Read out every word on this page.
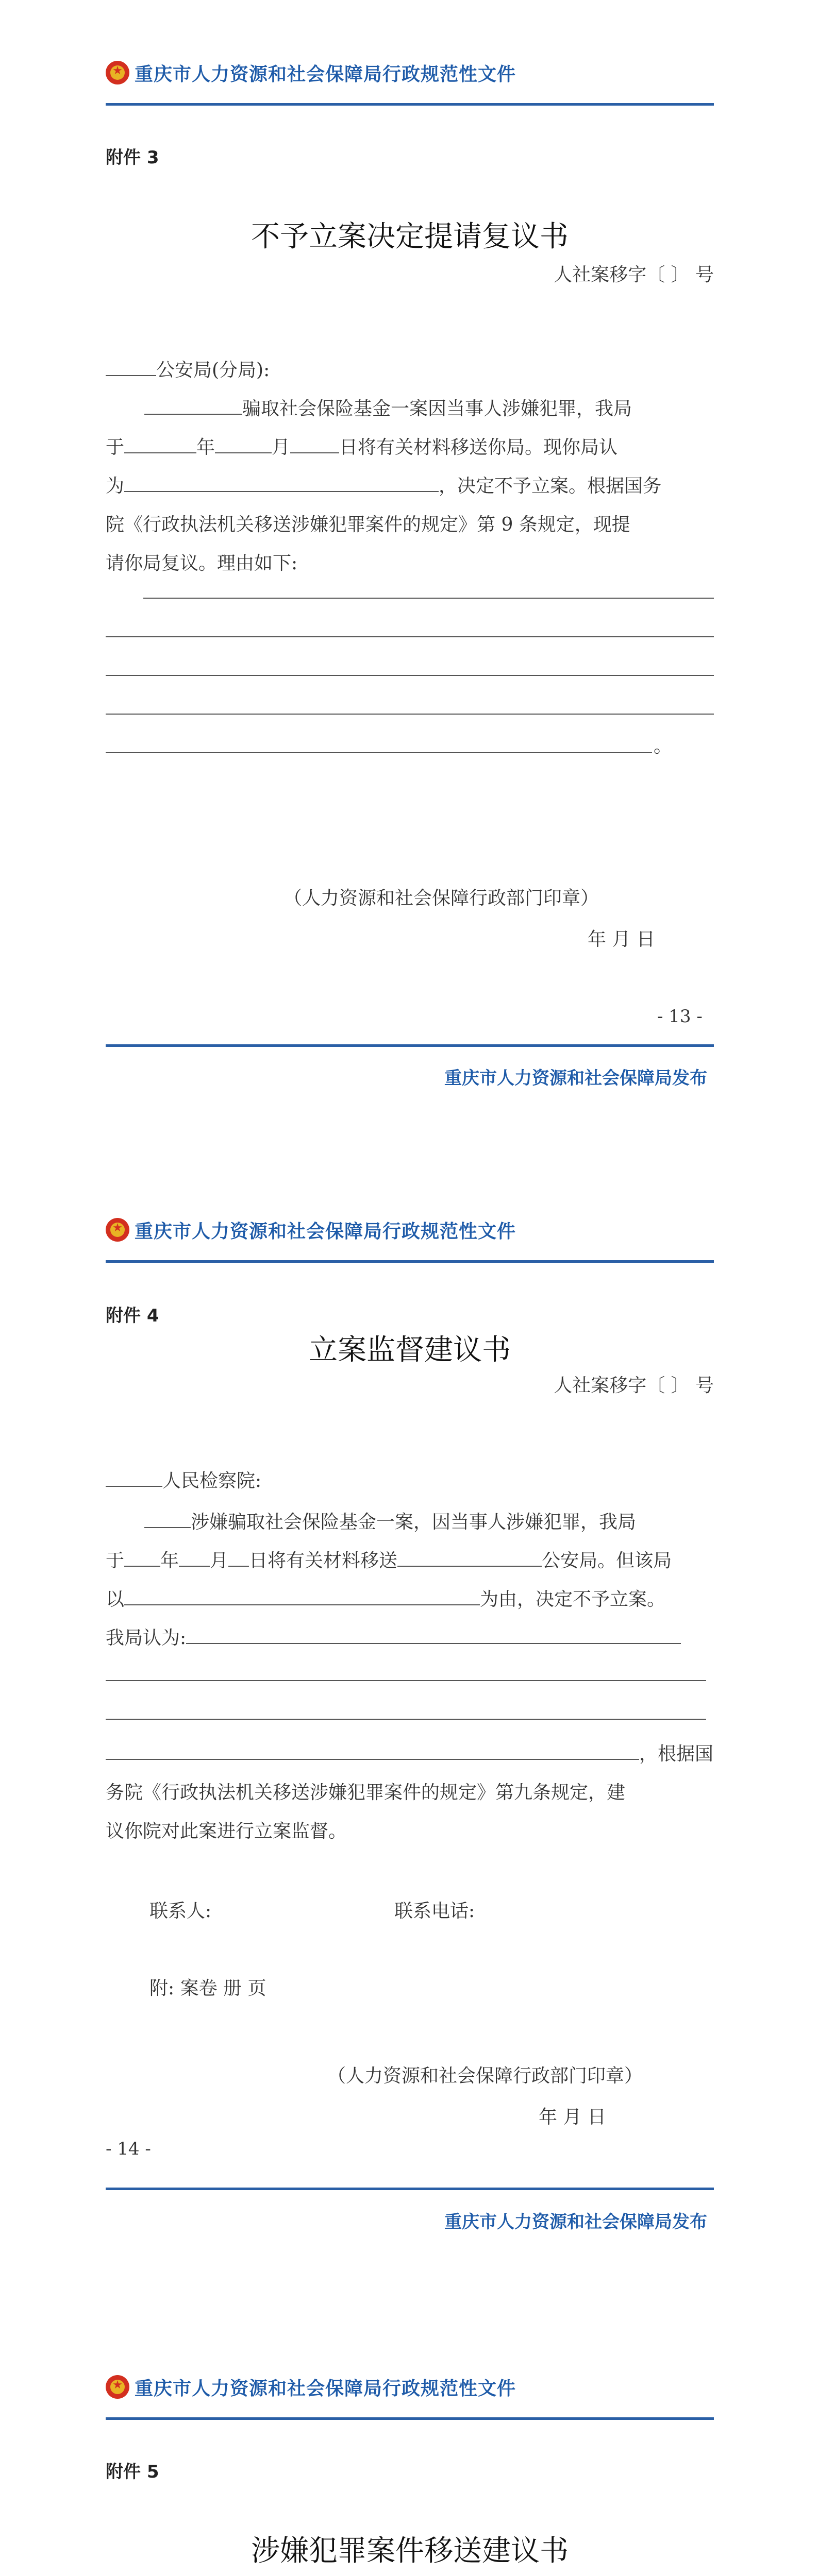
★
重庆市人力资源和社会保障局行政规范性文件
附件 3
不予立案决定提请复议书
人社案移字〔 〕 号
公安局(分局):
骗取社会保险基金一案因当事人涉嫌犯罪，我局
于	年	月	日将有关材料移送你局。现你局认
为	，决定不予立案。根据国务
院《行政执法机关移送涉嫌犯罪案件的规定》第 9 条规定，现提
请你局复议。理由如下:
。
（人力资源和社会保障行政部门印章）
年 月 日
- 13 -
重庆市人力资源和社会保障局发布
★
重庆市人力资源和社会保障局行政规范性文件
附件 4
立案监督建议书
人社案移字〔 〕 号
人民检察院:
涉嫌骗取社会保险基金一案，因当事人涉嫌犯罪，我局
于 年 月 日将有关材料移送	公安局。但该局
以	为由，决定不予立案。
我局认为:
，根据国
务院《行政执法机关移送涉嫌犯罪案件的规定》第九条规定，建
议你院对此案进行立案监督。
联系人:	联系电话:
附: 案卷 册 页
（人力资源和社会保障行政部门印章）
年 月 日
- 14 -
重庆市人力资源和社会保障局发布
★
重庆市人力资源和社会保障局行政规范性文件
附件 5
涉嫌犯罪案件移送建议书
